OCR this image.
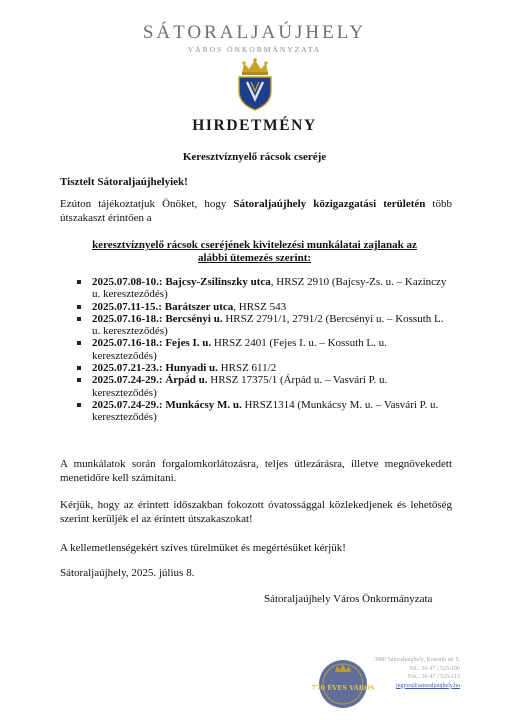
SÁTORALJAÚJHELY
VÁROS ÖNKORMÁNYZATA
HIRDETMÉNY
Keresztvíznyelő rácsok cseréje
Tisztelt Sátoraljaújhelyiek!
Ezúton tájékoztatjuk Önöket, hogy Sátoraljaújhely közigazgatási területén több útszakaszt érintően a
keresztvíznyelő rácsok cseréjének kivitelezési munkálatai zajlanak az alábbi ütemezés szerint:
2025.07.08-10.: Bajcsy-Zsilinszky utca, HRSZ 2910 (Bajcsy-Zs. u. – Kazinczy u. kereszteződés)
2025.07.11-15.: Barátszer utca, HRSZ 543
2025.07.16-18.: Bercsényi u. HRSZ 2791/1, 2791/2 (Bercsényi u. – Kossuth L. u. kereszteződés)
2025.07.16-18.: Fejes I. u. HRSZ 2401 (Fejes I. u. – Kossuth L. u. kereszteződés)
2025.07.21-23.: Hunyadi u. HRSZ 611/2
2025.07.24-29.: Árpád u. HRSZ 17375/1 (Árpád u. – Vasvári P. u. kereszteződés)
2025.07.24-29.: Munkácsy M. u. HRSZ1314 (Munkácsy M. u. – Vasvári P. u. kereszteződés)
A munkálatok során forgalomkorlátozásra, teljes útlezárásra, illetve megnövekedett menetidőre kell számítani.
Kérjük, hogy az érintett időszakban fokozott óvatossággal közlekedjenek és lehetőség szerint kerüljék el az érintett útszakaszokat!
A kellemetlenségekért szíves türelmüket és megértésüket kérjük!
Sátoraljaújhely, 2025. július 8.
Sátoraljaújhely Város Önkormányzata
770 ÉVES VÁROS
3980 Sátoraljaújhely, Kossuth tér 5.
Tel.: 36-47 / 525-100
Fax.: 36-47 / 525-115
jegyzo@satoraljaujhely.hu
